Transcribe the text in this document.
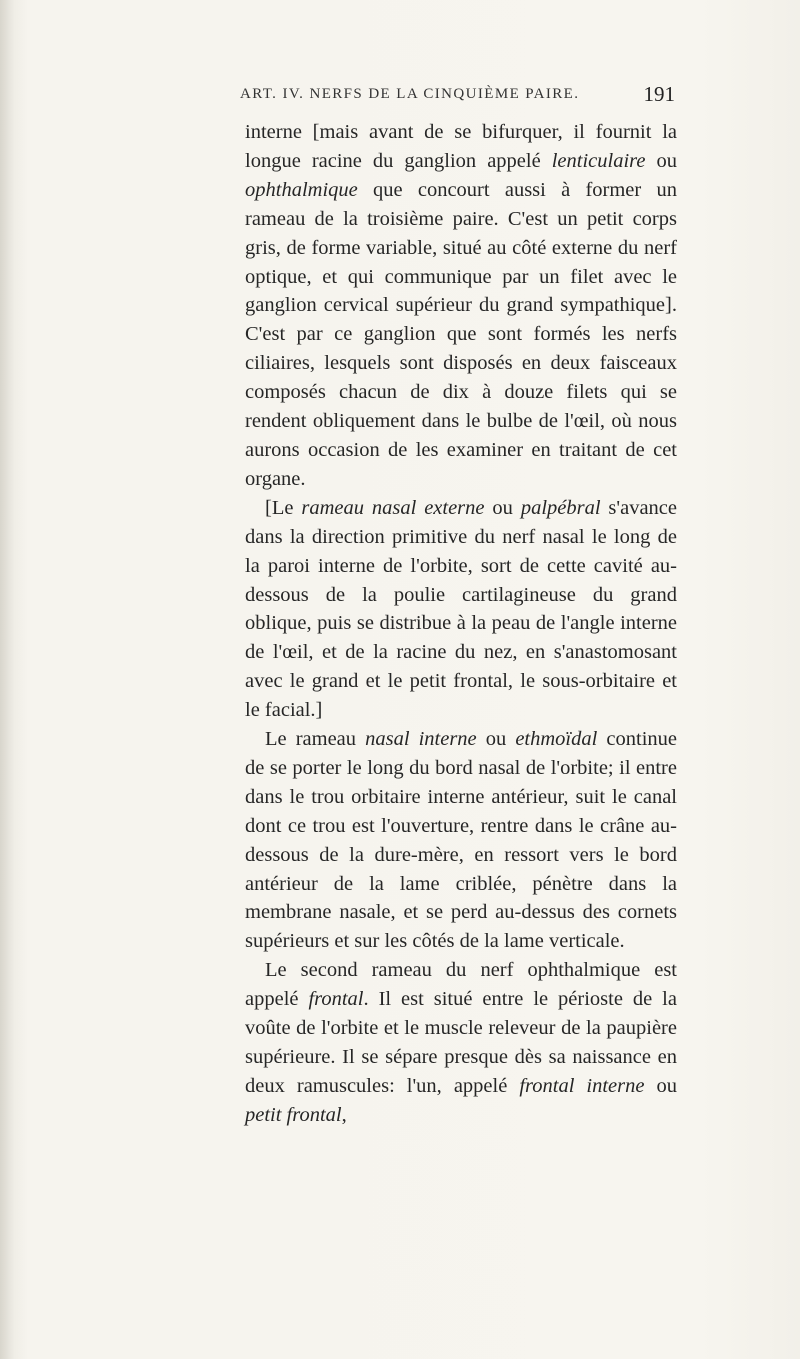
ART. IV. NERFS DE LA CINQUIÈME PAIRE.	191

interne [mais avant de se bifurquer, il fournit la longue racine du ganglion appelé lenticulaire ou ophthalmique que concourt aussi à former un rameau de la troisième paire. C'est un petit corps gris, de forme variable, situé au côté externe du nerf optique, et qui communique par un filet avec le ganglion cervical supérieur du grand sympathique]. C'est par ce ganglion que sont formés les nerfs ciliaires, lesquels sont disposés en deux faisceaux composés chacun de dix à douze filets qui se rendent obliquement dans le bulbe de l'œil, où nous aurons occasion de les examiner en traitant de cet organe.

[Le rameau nasal externe ou palpébral s'avance dans la direction primitive du nerf nasal le long de la paroi interne de l'orbite, sort de cette cavité au-dessous de la poulie cartilagineuse du grand oblique, puis se distribue à la peau de l'angle interne de l'œil, et de la racine du nez, en s'anastomosant avec le grand et le petit frontal, le sous-orbitaire et le facial.]

Le rameau nasal interne ou ethmoïdal continue de se porter le long du bord nasal de l'orbite; il entre dans le trou orbitaire interne antérieur, suit le canal dont ce trou est l'ouverture, rentre dans le crâne au-dessous de la dure-mère, en ressort vers le bord antérieur de la lame criblée, pénètre dans la membrane nasale, et se perd au-dessus des cornets supérieurs et sur les côtés de la lame verticale.

Le second rameau du nerf ophthalmique est appelé frontal. Il est situé entre le périoste de la voûte de l'orbite et le muscle releveur de la paupière supérieure. Il se sépare presque dès sa naissance en deux ramuscules: l'un, appelé frontal interne ou petit frontal,
